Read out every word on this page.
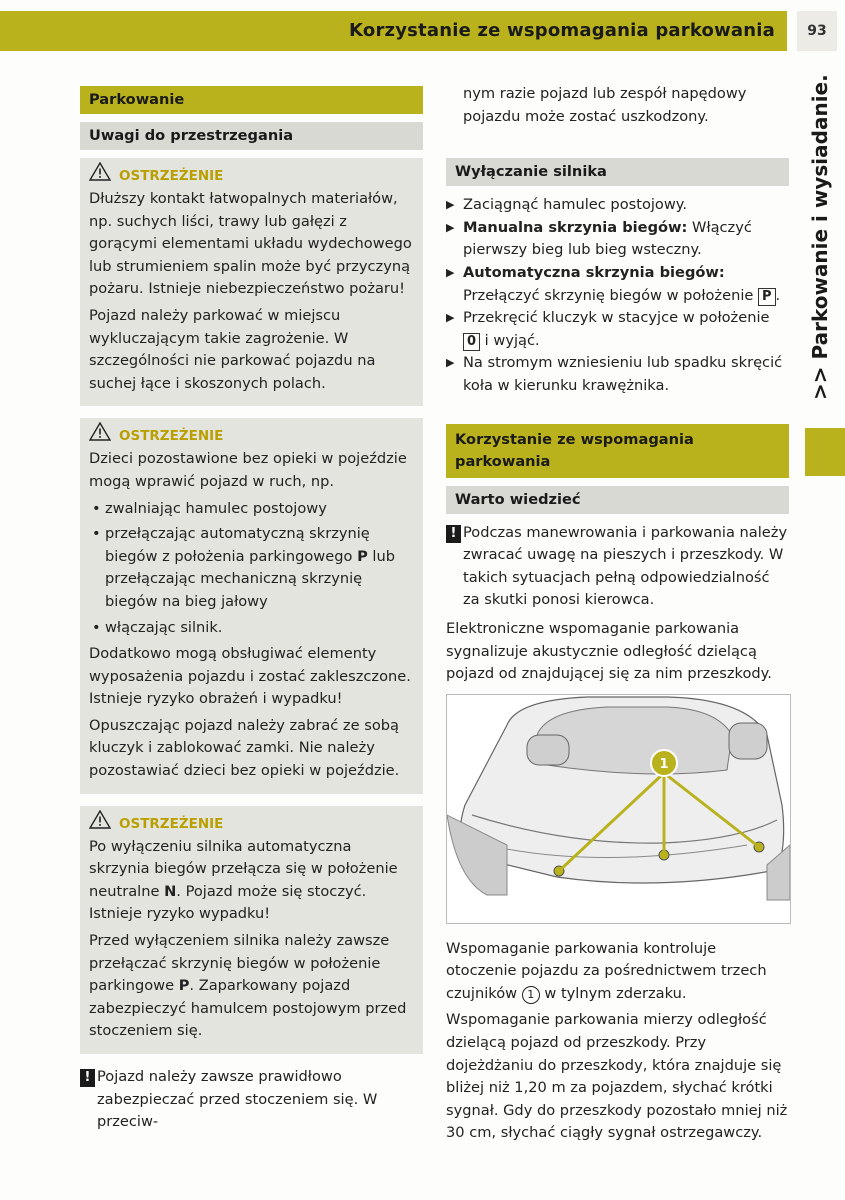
Korzystanie ze wspomagania parkowania	93
>> Parkowanie i wysiadanie.
Parkowanie
Uwagi do przestrzegania
OSTRZEŻENIE

Dłuższy kontakt łatwopalnych materiałów, np. suchych liści, trawy lub gałęzi z gorącymi elementami układu wydechowego lub strumieniem spalin może być przyczyną pożaru. Istnieje niebezpieczeństwo pożaru!

Pojazd należy parkować w miejscu wykluczającym takie zagrożenie. W szczególności nie parkować pojazdu na suchej łące i skoszonych polach.

OSTRZEŻENIE

Dzieci pozostawione bez opieki w pojeździe mogą wprawić pojazd w ruch, np.

• zwalniając hamulec postojowy
• przełączając automatyczną skrzynię biegów z położenia parkingowego P lub przełączając mechaniczną skrzynię biegów na bieg jałowy
• włączając silnik.

Dodatkowo mogą obsługiwać elementy wyposażenia pojazdu i zostać zakleszczone. Istnieje ryzyko obrażeń i wypadku!

Opuszczając pojazd należy zabrać ze sobą kluczyk i zablokować zamki. Nie należy pozostawiać dzieci bez opieki w pojeździe.

OSTRZEŻENIE

Po wyłączeniu silnika automatyczna skrzynia biegów przełącza się w położenie neutralne N. Pojazd może się stoczyć. Istnieje ryzyko wypadku!

Przed wyłączeniem silnika należy zawsze przełączać skrzynię biegów w położenie parkingowe P. Zaparkowany pojazd zabezpieczyć hamulcem postojowym przed stoczeniem się.

! Pojazd należy zawsze prawidłowo zabezpieczać przed stoczeniem się. W przeciw-

nym razie pojazd lub zespół napędowy pojazdu może zostać uszkodzony.

Wyłączanie silnika
▶ Zaciągnąć hamulec postojowy.
▶ Manualna skrzynia biegów: Włączyć pierwszy bieg lub bieg wsteczny.
▶ Automatyczna skrzynia biegów: Przełączyć skrzynię biegów w położenie P .
▶ Przekręcić kluczyk w stacyjce w położenie 0 i wyjąć.
▶ Na stromym wzniesieniu lub spadku skręcić koła w kierunku krawężnika.
Korzystanie ze wspomagania parkowania
Warto wiedzieć
! Podczas manewrowania i parkowania należy zwracać uwagę na pieszych i przeszkody. W takich sytuacjach pełną odpowiedzialność za skutki ponosi kierowca.

Elektroniczne wspomaganie parkowania sygnalizuje akustycznie odległość dzielącą pojazd od znajdującej się za nim przeszkody.

1

Wspomaganie parkowania kontroluje otoczenie pojazdu za pośrednictwem trzech czujników 1 w tylnym zderzaku.

Wspomaganie parkowania mierzy odległość dzielącą pojazd od przeszkody. Przy dojeżdżaniu do przeszkody, która znajduje się bliżej niż 1,20 m za pojazdem, słychać krótki sygnał. Gdy do przeszkody pozostało mniej niż 30 cm, słychać ciągły sygnał ostrzegawczy.
